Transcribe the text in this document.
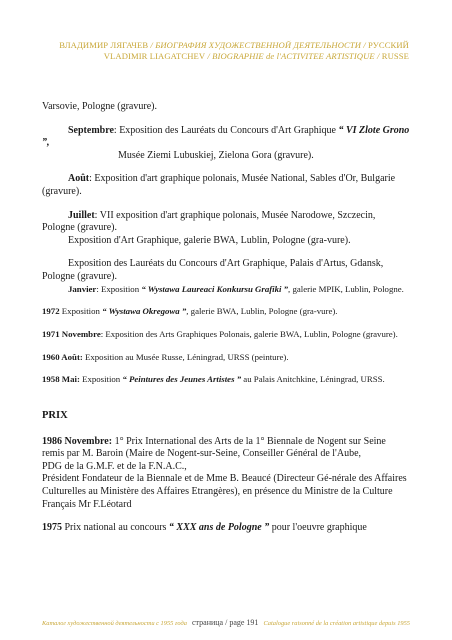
ВЛАДИМИР ЛЯГАЧЕВ / БИОГРАФИЯ ХУДОЖЕСТВЕННОЙ ДЕЯТЕЛЬНОСТИ / РУССКИЙ
VLADIMIR LIAGATCHEV / BIOGRAPHIE de l'ACTIVITEE ARTISTIQUE / RUSSE

Varsovie, Pologne (gravure).

Septembre: Exposition des Lauréats du Concours d'Art Graphique “ VI Zlote Grono ”,

Musée Ziemi Lubuskiej, Zielona Gora (gravure).

Août: Exposition d'art graphique polonais, Musée National, Sables d'Or, Bulgarie (gravure).

Juillet: VII exposition d'art graphique polonais, Musée Narodowe, Szczecin, Pologne (gravure).

Exposition d'Art Graphique, galerie BWA, Lublin, Pologne (gra-vure).

Exposition des Lauréats du Concours d'Art Graphique, Palais d'Artus, Gdansk, Pologne (gravure).

Janvier: Exposition “ Wystawa Laureaci Konkursu Grafiki ”, galerie MPIK, Lublin, Pologne.

1972 Exposition “ Wystawa Okregowa ”, galerie BWA, Lublin, Pologne (gra-vure).

1971 Novembre: Exposition des Arts Graphiques Polonais, galerie BWA, Lublin, Pologne (gravure).

1960 Août: Exposition au Musée Russe, Léningrad, URSS (peinture).

1958 Mai: Exposition “ Peintures des Jeunes Artistes ” au Palais Anitchkine, Léningrad, URSS.

PRIX

1986 Novembre: 1° Prix International des Arts de la 1° Biennale de Nogent sur Seine

remis par M. Baroin (Maire de Nogent-sur-Seine, Conseiller Général de l'Aube,

PDG de la G.M.F. et de la F.N.A.C.,

Président Fondateur de la Biennale et de Mme B. Beaucé (Directeur Gé-nérale des Affaires Culturelles au Ministère des Affaires Etrangères), en présence du Ministre de la Culture Français Mr F.Léotard

1975 Prix national au concours “ XXX ans de Pologne ” pour l'oeuvre graphique

Каталог художественной деятельности с 1955 года страница / page 191 Catalogue raisonné de la création artistique depuis 1955
